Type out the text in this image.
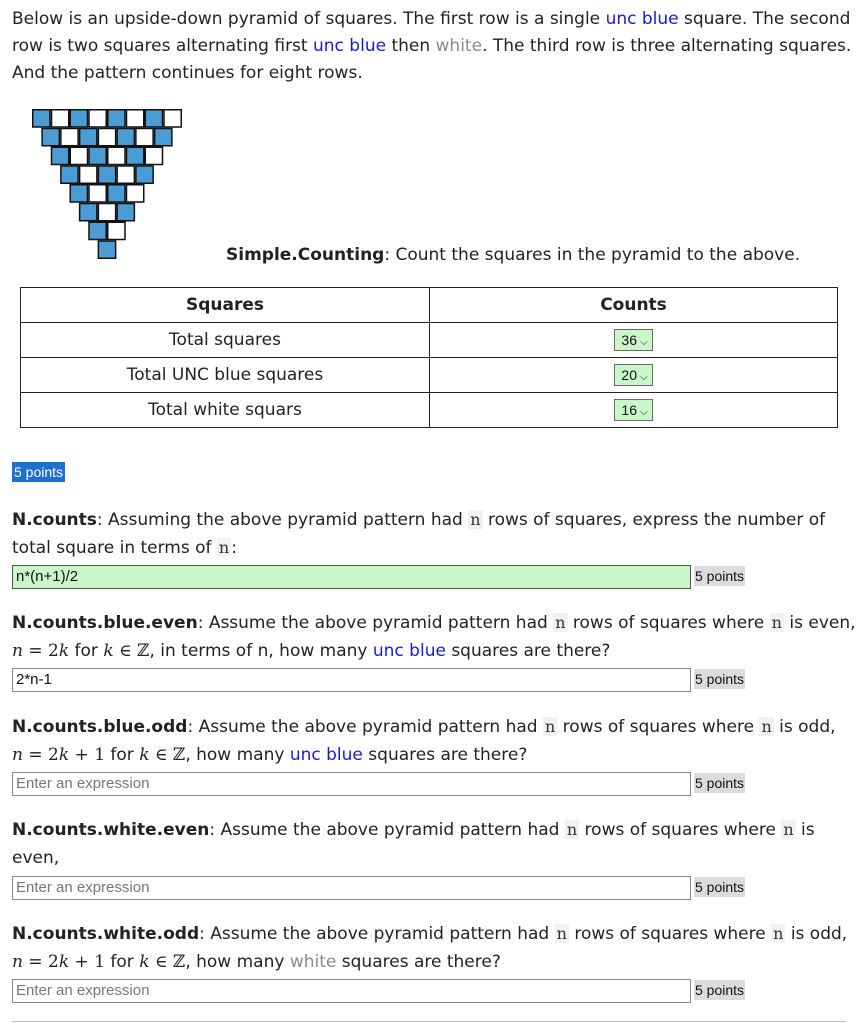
Below is an upside-down pyramid of squares. The first row is a single unc blue square. The second row is two squares alternating first unc blue then white. The third row is three alternating squares. And the pattern continues for eight rows.

Simple.Counting: Count the squares in the pyramid to the above.
Squares	Counts
Total squares	36 ⌵
Total UNC blue squares	20 ⌵
Total white squars	16 ⌵
5 points

N.counts: Assuming the above pyramid pattern had n rows of squares, express the number of total square in terms of n :

n*(n+1)/2
5 points

N.counts.blue.even: Assume the above pyramid pattern had n rows of squares where n is even,
n = 2k for k ∈ ℤ, in terms of n, how many unc blue squares are there?

2*n-1
5 points

N.counts.blue.odd: Assume the above pyramid pattern had n rows of squares where n is odd,
n = 2k + 1 for k ∈ ℤ, how many unc blue squares are there?

Enter an expression
5 points

N.counts.white.even: Assume the above pyramid pattern had n rows of squares where n is even,

Enter an expression
5 points

N.counts.white.odd: Assume the above pyramid pattern had n rows of squares where n is odd,
n = 2k + 1 for k ∈ ℤ, how many white squares are there?

Enter an expression
5 points
